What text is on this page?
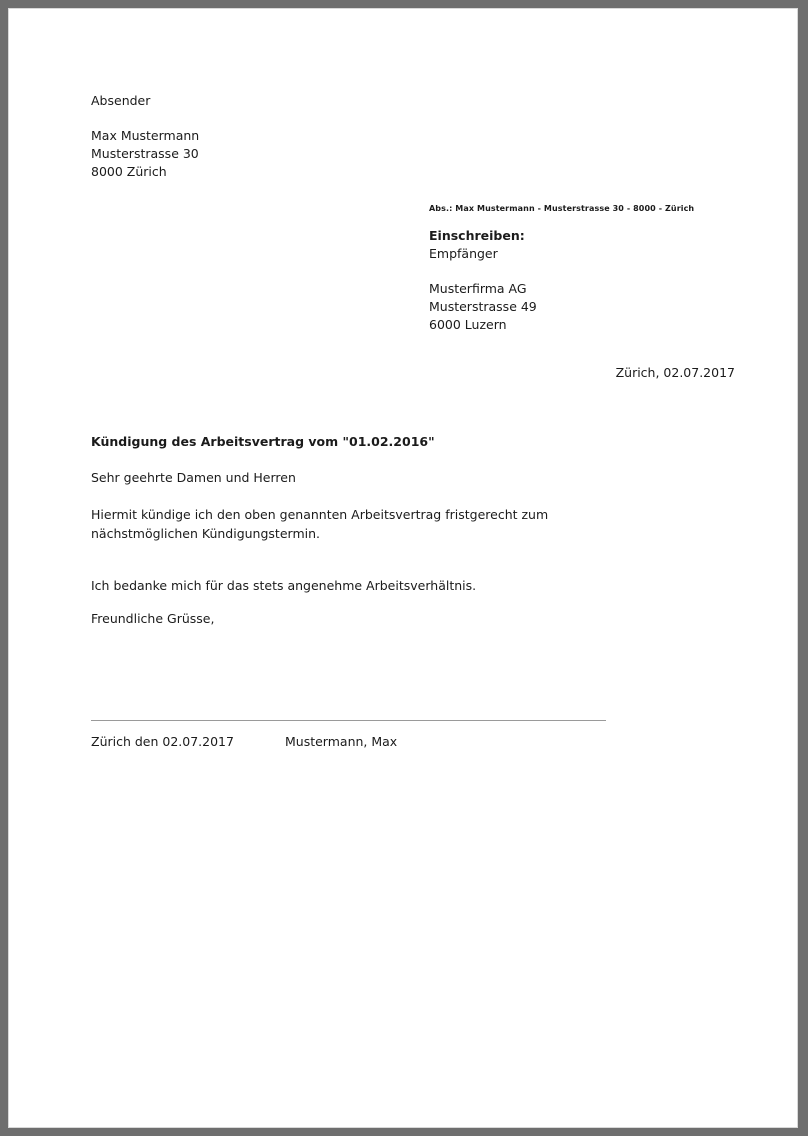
Absender
Max Mustermann
Musterstrasse 30
8000 Zürich
Abs.: Max Mustermann - Musterstrasse 30 - 8000 - Zürich
Einschreiben:
Empfänger
Musterfirma AG
Musterstrasse 49
6000 Luzern
Zürich, 02.07.2017
Kündigung des Arbeitsvertrag vom "01.02.2016"
Sehr geehrte Damen und Herren
Hiermit kündige ich den oben genannten Arbeitsvertrag fristgerecht zum nächstmöglichen Kündigungstermin.
Ich bedanke mich für das stets angenehme Arbeitsverhältnis.
Freundliche Grüsse,
Zürich den 02.07.2017	Mustermann, Max
